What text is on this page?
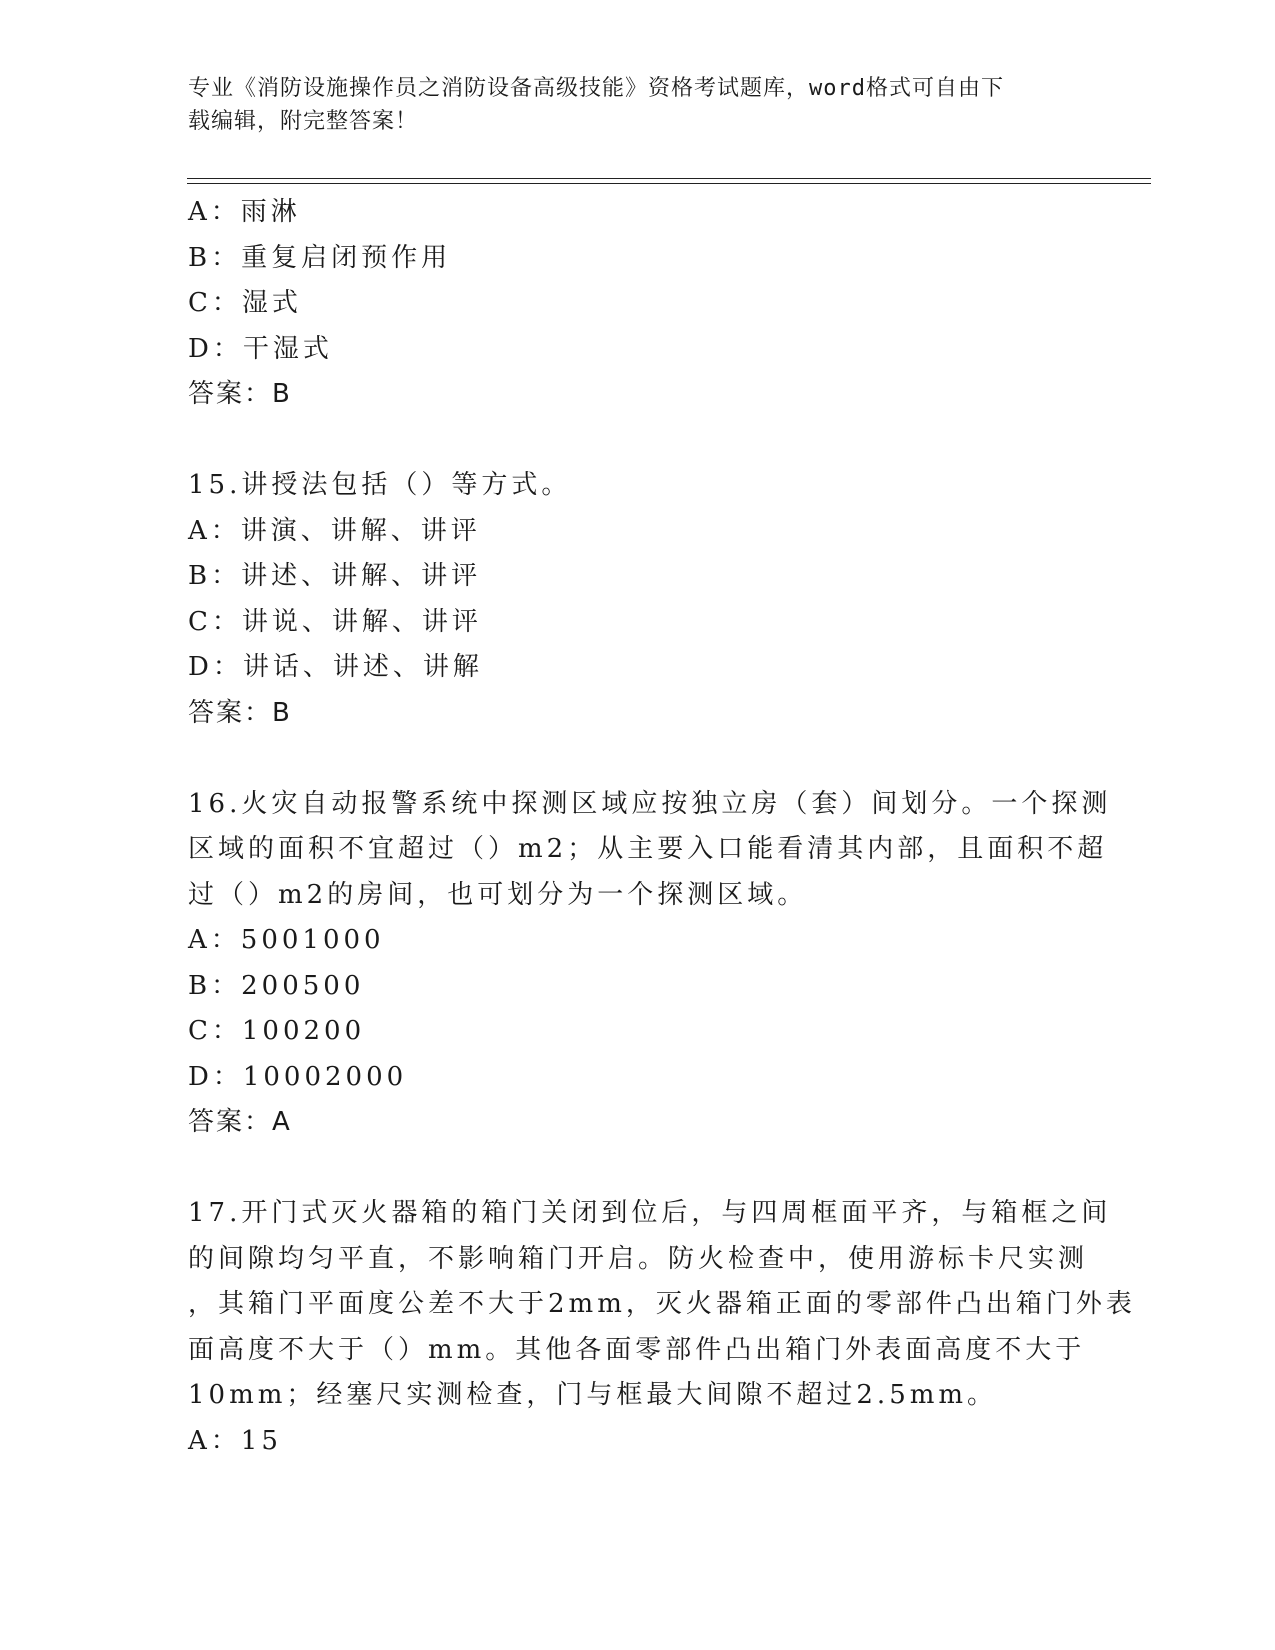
专业《消防设施操作员之消防设备高级技能》资格考试题库，word格式可自由下
载编辑，附完整答案！
A：雨淋
B：重复启闭预作用
C：湿式
D：干湿式
答案：B
15.讲授法包括（）等方式。
A：讲演、讲解、讲评
B：讲述、讲解、讲评
C：讲说、讲解、讲评
D：讲话、讲述、讲解
答案：B
16.火灾自动报警系统中探测区域应按独立房（套）间划分。一个探测
区域的面积不宜超过（）m2；从主要入口能看清其内部，且面积不超
过（）m2的房间，也可划分为一个探测区域。
A：5001000
B：200500
C：100200
D：10002000
答案：A
17.开门式灭火器箱的箱门关闭到位后，与四周框面平齐，与箱框之间
的间隙均匀平直，不影响箱门开启。防火检查中，使用游标卡尺实测
，其箱门平面度公差不大于2mm，灭火器箱正面的零部件凸出箱门外表
面高度不大于（）mm。其他各面零部件凸出箱门外表面高度不大于
10mm；经塞尺实测检查，门与框最大间隙不超过2.5mm。
A：15
